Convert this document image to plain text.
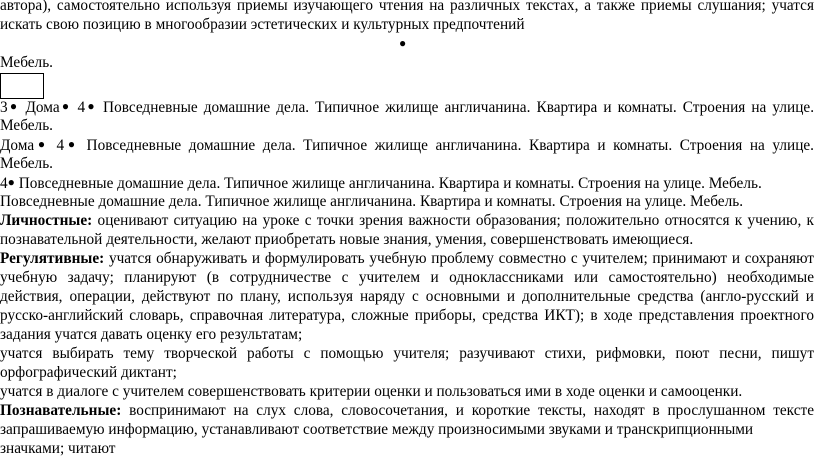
автора), самостоятельно используя приемы изучающего чтения на различных текстах, а также приемы слушания; учатся
искать свою позицию в многообразии эстетических и культурных предпочтений
●
Мебель.
3● Дома● 4● Повседневные домашние дела. Типичное жилище англичанина. Квартира и комнаты. Строения на улице.
Мебель.
Дома● 4● Повседневные домашние дела. Типичное жилище англичанина. Квартира и комнаты. Строения на улице.
Мебель.
4● Повседневные домашние дела. Типичное жилище англичанина. Квартира и комнаты. Строения на улице. Мебель.
Повседневные домашние дела. Типичное жилище англичанина. Квартира и комнаты. Строения на улице. Мебель.
Личностные: оценивают ситуацию на уроке с точки зрения важности образования; положительно относятся к учению, к
познавательной деятельности, желают приобретать новые знания, умения, совершенствовать имеющиеся.
Регулятивные: учатся обнаруживать и формулировать учебную проблему совместно с учителем; принимают и сохраняют
учебную задачу; планируют (в сотрудничестве с учителем и одноклассниками или самостоятельно) необходимые
действия, операции, действуют по плану, используя наряду с основными и дополнительные средства (англо-русский и
русско-английский словарь, справочная литература, сложные приборы, средства ИКТ); в ходе представления проектного
задания учатся давать оценку его результатам;
учатся выбирать тему творческой работы с помощью учителя; разучивают стихи, рифмовки, поют песни, пишут
орфографический диктант;
учатся в диалоге с учителем совершенствовать критерии оценки и пользоваться ими в ходе оценки и самооценки.
Познавательные: воспринимают на слух слова, словосочетания, и короткие тексты, находят в прослушанном тексте
запрашиваемую информацию, устанавливают соответствие между произносимыми звуками и транскрипционными
значками; читают
